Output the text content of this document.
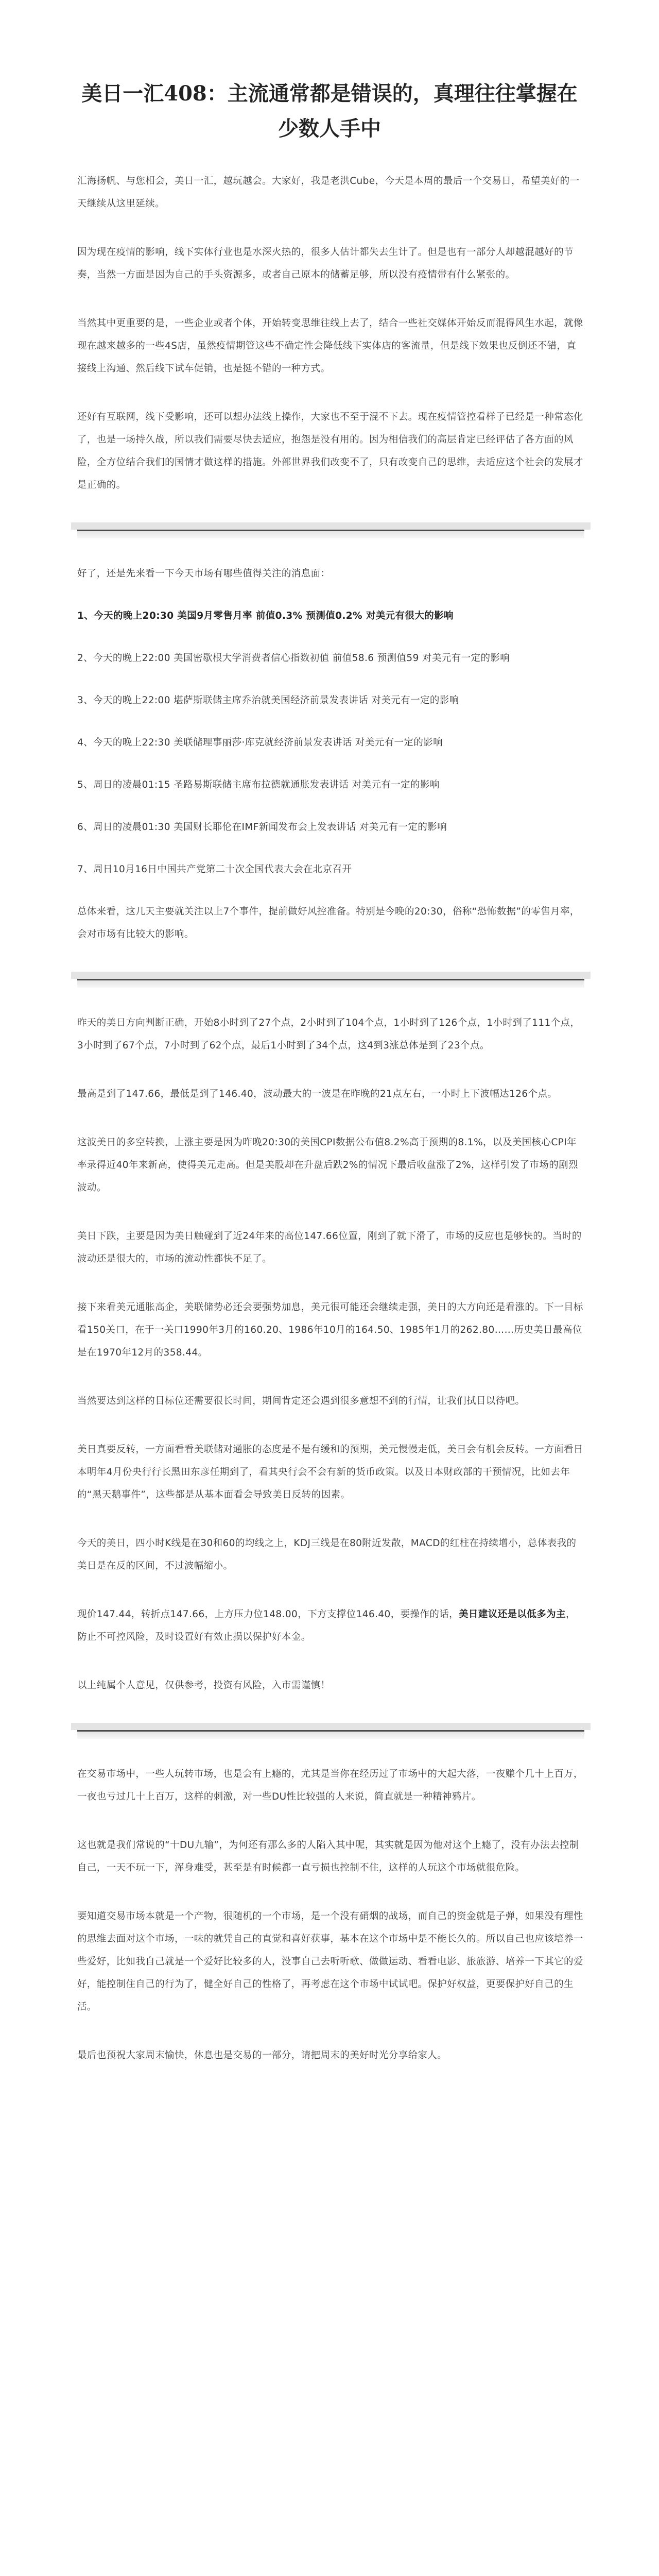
美日一汇408：主流通常都是错误的，真理往往掌握在少数人手中

汇海扬帆、与您相会，美日一汇，越玩越会。大家好，我是老洪Cube，今天是本周的最后一个交易日，希望美好的一天继续从这里延续。

因为现在疫情的影响，线下实体行业也是水深火热的，很多人估计都失去生计了。但是也有一部分人却越混越好的节奏，当然一方面是因为自己的手头资源多，或者自己原本的储蓄足够，所以没有疫情带有什么紧张的。

当然其中更重要的是，一些企业或者个体，开始转变思维往线上去了，结合一些社交媒体开始反而混得风生水起，就像现在越来越多的一些4S店，虽然疫情期管这些不确定性会降低线下实体店的客流量，但是线下效果也反倒还不错，直接线上沟通、然后线下试车促销，也是挺不错的一种方式。

还好有互联网，线下受影响，还可以想办法线上操作，大家也不至于混不下去。现在疫情管控看样子已经是一种常态化了，也是一场持久战，所以我们需要尽快去适应，抱怨是没有用的。因为相信我们的高层肯定已经评估了各方面的风险，全方位结合我们的国情才做这样的措施。外部世界我们改变不了，只有改变自己的思维，去适应这个社会的发展才是正确的。

好了，还是先来看一下今天市场有哪些值得关注的消息面：

1、今天的晚上20:30 美国9月零售月率 前值0.3% 预测值0.2% 对美元有很大的影响

2、今天的晚上22:00 美国密歇根大学消费者信心指数初值 前值58.6 预测值59 对美元有一定的影响

3、今天的晚上22:00 堪萨斯联储主席乔治就美国经济前景发表讲话 对美元有一定的影响

4、今天的晚上22:30 美联储理事丽莎·库克就经济前景发表讲话 对美元有一定的影响

5、周日的凌晨01:15 圣路易斯联储主席布拉德就通胀发表讲话 对美元有一定的影响

6、周日的凌晨01:30 美国财长耶伦在IMF新闻发布会上发表讲话 对美元有一定的影响

7、周日10月16日中国共产党第二十次全国代表大会在北京召开

总体来看，这几天主要就关注以上7个事件，提前做好风控准备。特别是今晚的20:30，俗称“恐怖数据”的零售月率，会对市场有比较大的影响。

昨天的美日方向判断正确，开始8小时到了27个点，2小时到了104个点，1小时到了126个点，1小时到了111个点，3小时到了67个点，7小时到了62个点，最后1小时到了34个点，这4到3涨总体是到了23个点。

最高是到了147.66，最低是到了146.40，波动最大的一波是在昨晚的21点左右，一小时上下波幅达126个点。

这波美日的多空转换，上涨主要是因为昨晚20:30的美国CPI数据公布值8.2%高于预期的8.1%，以及美国核心CPI年率录得近40年来新高，使得美元走高。但是美股却在升盘后跌2%的情况下最后收盘涨了2%，这样引发了市场的剧烈波动。

美日下跌，主要是因为美日触碰到了近24年来的高位147.66位置，刚到了就下滑了，市场的反应也是够快的。当时的波动还是很大的，市场的流动性都快不足了。

接下来看美元通胀高企，美联储势必还会要强势加息，美元很可能还会继续走强，美日的大方向还是看涨的。下一目标看150关口，在于一关口1990年3月的160.20、1986年10月的164.50、1985年1月的262.80……历史美日最高位是在1970年12月的358.44。

当然要达到这样的目标位还需要很长时间，期间肯定还会遇到很多意想不到的行情，让我们拭目以待吧。

美日真要反转，一方面看看美联储对通胀的态度是不是有缓和的预期，美元慢慢走低，美日会有机会反转。一方面看日本明年4月份央行行长黑田东彦任期到了，看其央行会不会有新的货币政策。以及日本财政部的干预情况，比如去年的“黑天鹅事件”，这些都是从基本面看会导致美日反转的因素。

今天的美日，四小时K线是在30和60的均线之上，KDJ三线是在80附近发散，MACD的红柱在持续增小，总体表我的美日是在反的区间，不过波幅缩小。

现价147.44，转折点147.66，上方压力位148.00，下方支撑位146.40，要操作的话，美日建议还是以低多为主，防止不可控风险，及时设置好有效止损以保护好本金。

以上纯属个人意见，仅供参考，投资有风险，入市需谨慎！

在交易市场中，一些人玩转市场，也是会有上瘾的，尤其是当你在经历过了市场中的大起大落，一夜赚个几十上百万，一夜也亏过几十上百万，这样的刺激，对一些DU性比较强的人来说，简直就是一种精神鸦片。

这也就是我们常说的“十DU九输”，为何还有那么多的人陷入其中呢，其实就是因为他对这个上瘾了，没有办法去控制自己，一天不玩一下，浑身难受，甚至是有时候都一直亏损也控制不住，这样的人玩这个市场就很危险。

要知道交易市场本就是一个产物，很随机的一个市场，是一个没有硝烟的战场，而自己的资金就是子弹，如果没有理性的思维去面对这个市场，一味的就凭自己的直觉和喜好获事，基本在这个市场中是不能长久的。所以自己也应该培养一些爱好，比如我自己就是一个爱好比较多的人，没事自己去听听歌、做做运动、看看电影、旅旅游、培养一下其它的爱好，能控制住自己的行为了，健全好自己的性格了，再考虑在这个市场中试试吧。保护好权益，更要保护好自己的生活。

最后也预祝大家周末愉快，休息也是交易的一部分，请把周末的美好时光分享给家人。
